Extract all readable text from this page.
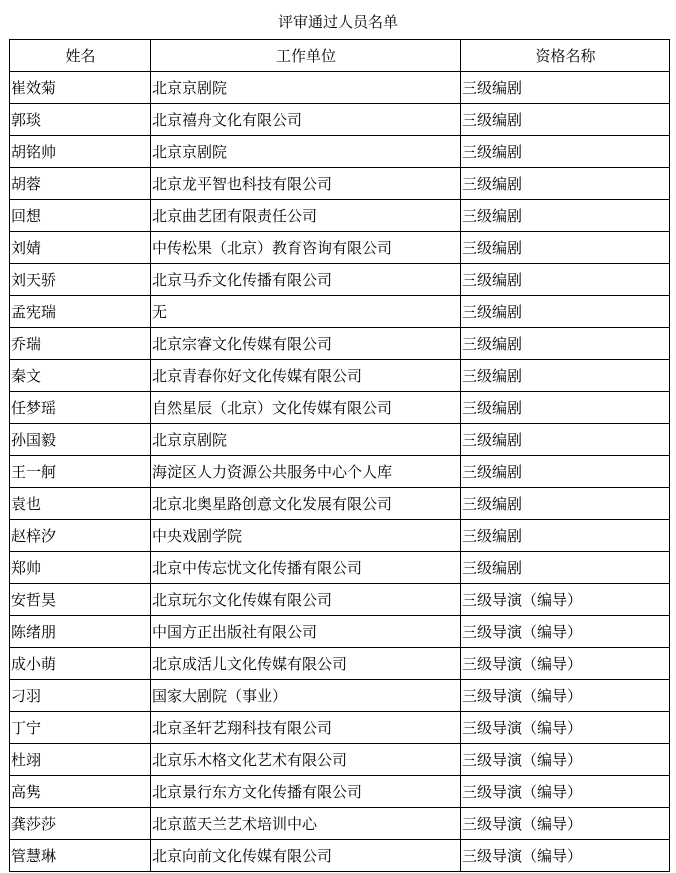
评审通过人员名单
姓名	工作单位	资格名称
崔效菊	北京京剧院	三级编剧
郭琰	北京禧舟文化有限公司	三级编剧
胡铭帅	北京京剧院	三级编剧
胡蓉	北京龙平智也科技有限公司	三级编剧
回想	北京曲艺团有限责任公司	三级编剧
刘婧	中传松果（北京）教育咨询有限公司	三级编剧
刘天骄	北京马乔文化传播有限公司	三级编剧
孟宪瑞	无	三级编剧
乔瑞	北京宗睿文化传媒有限公司	三级编剧
秦文	北京青春你好文化传媒有限公司	三级编剧
任梦瑶	自然星辰（北京）文化传媒有限公司	三级编剧
孙国毅	北京京剧院	三级编剧
王一舸	海淀区人力资源公共服务中心个人库	三级编剧
袁也	北京北奥星路创意文化发展有限公司	三级编剧
赵梓汐	中央戏剧学院	三级编剧
郑帅	北京中传忘忧文化传播有限公司	三级编剧
安哲昊	北京玩尔文化传媒有限公司	三级导演（编导）
陈绪朋	中国方正出版社有限公司	三级导演（编导）
成小萌	北京成活儿文化传媒有限公司	三级导演（编导）
刁羽	国家大剧院（事业）	三级导演（编导）
丁宁	北京圣轩艺翔科技有限公司	三级导演（编导）
杜翊	北京乐木格文化艺术有限公司	三级导演（编导）
高隽	北京景行东方文化传播有限公司	三级导演（编导）
龚莎莎	北京蓝天兰艺术培训中心	三级导演（编导）
管慧琳	北京向前文化传媒有限公司	三级导演（编导）
